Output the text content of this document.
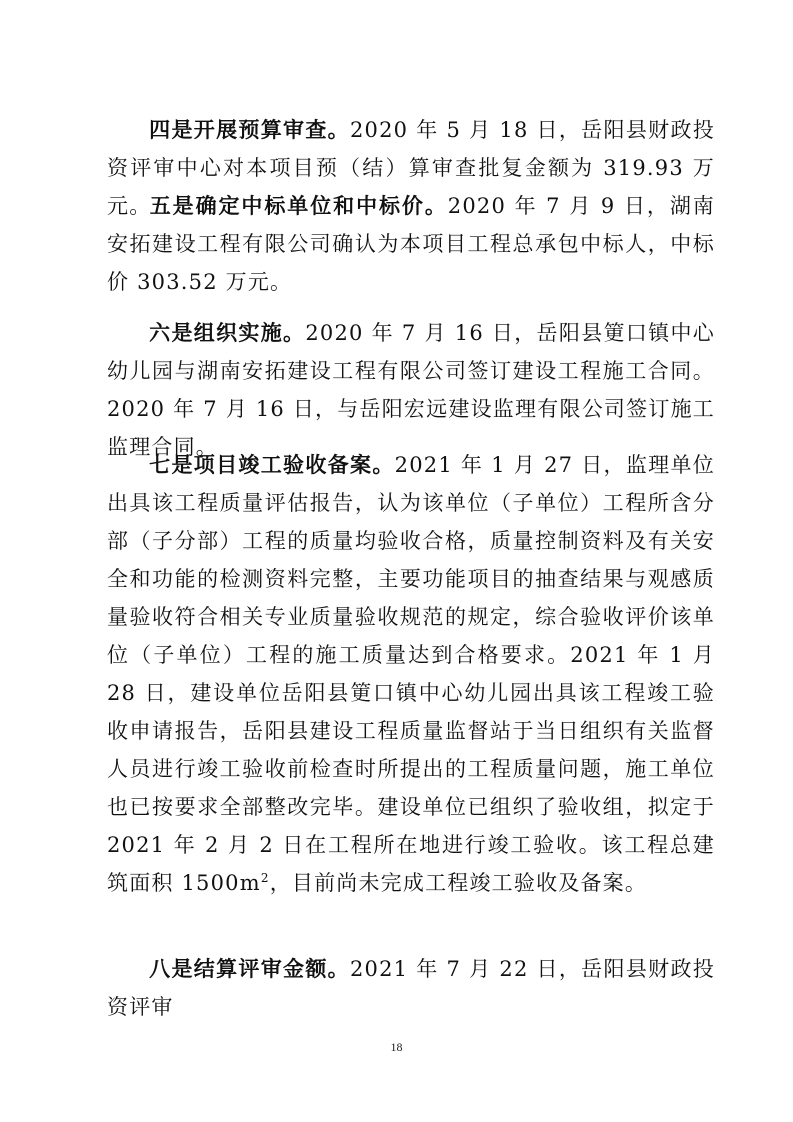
四是开展预算审查。2020 年 5 月 18 日，岳阳县财政投资评审中心对本项目预（结）算审查批复金额为 319.93 万元。

五是确定中标单位和中标价。2020 年 7 月 9 日，湖南安拓建设工程有限公司确认为本项目工程总承包中标人，中标价 303.52 万元。

六是组织实施。2020 年 7 月 16 日，岳阳县筻口镇中心幼儿园与湖南安拓建设工程有限公司签订建设工程施工合同。2020 年 7 月 16 日，与岳阳宏远建设监理有限公司签订施工监理合同。

七是项目竣工验收备案。2021 年 1 月 27 日，监理单位出具该工程质量评估报告，认为该单位（子单位）工程所含分部（子分部）工程的质量均验收合格，质量控制资料及有关安全和功能的检测资料完整，主要功能项目的抽查结果与观感质量验收符合相关专业质量验收规范的规定，综合验收评价该单位（子单位）工程的施工质量达到合格要求。2021 年 1 月 28 日，建设单位岳阳县筻口镇中心幼儿园出具该工程竣工验收申请报告，岳阳县建设工程质量监督站于当日组织有关监督人员进行竣工验收前检查时所提出的工程质量问题，施工单位也已按要求全部整改完毕。建设单位已组织了验收组，拟定于 2021 年 2 月 2 日在工程所在地进行竣工验收。该工程总建筑面积 $1500m^2$，目前尚未完成工程竣工验收及备案。

八是结算评审金额。2021 年 7 月 22 日，岳阳县财政投资评审

18
